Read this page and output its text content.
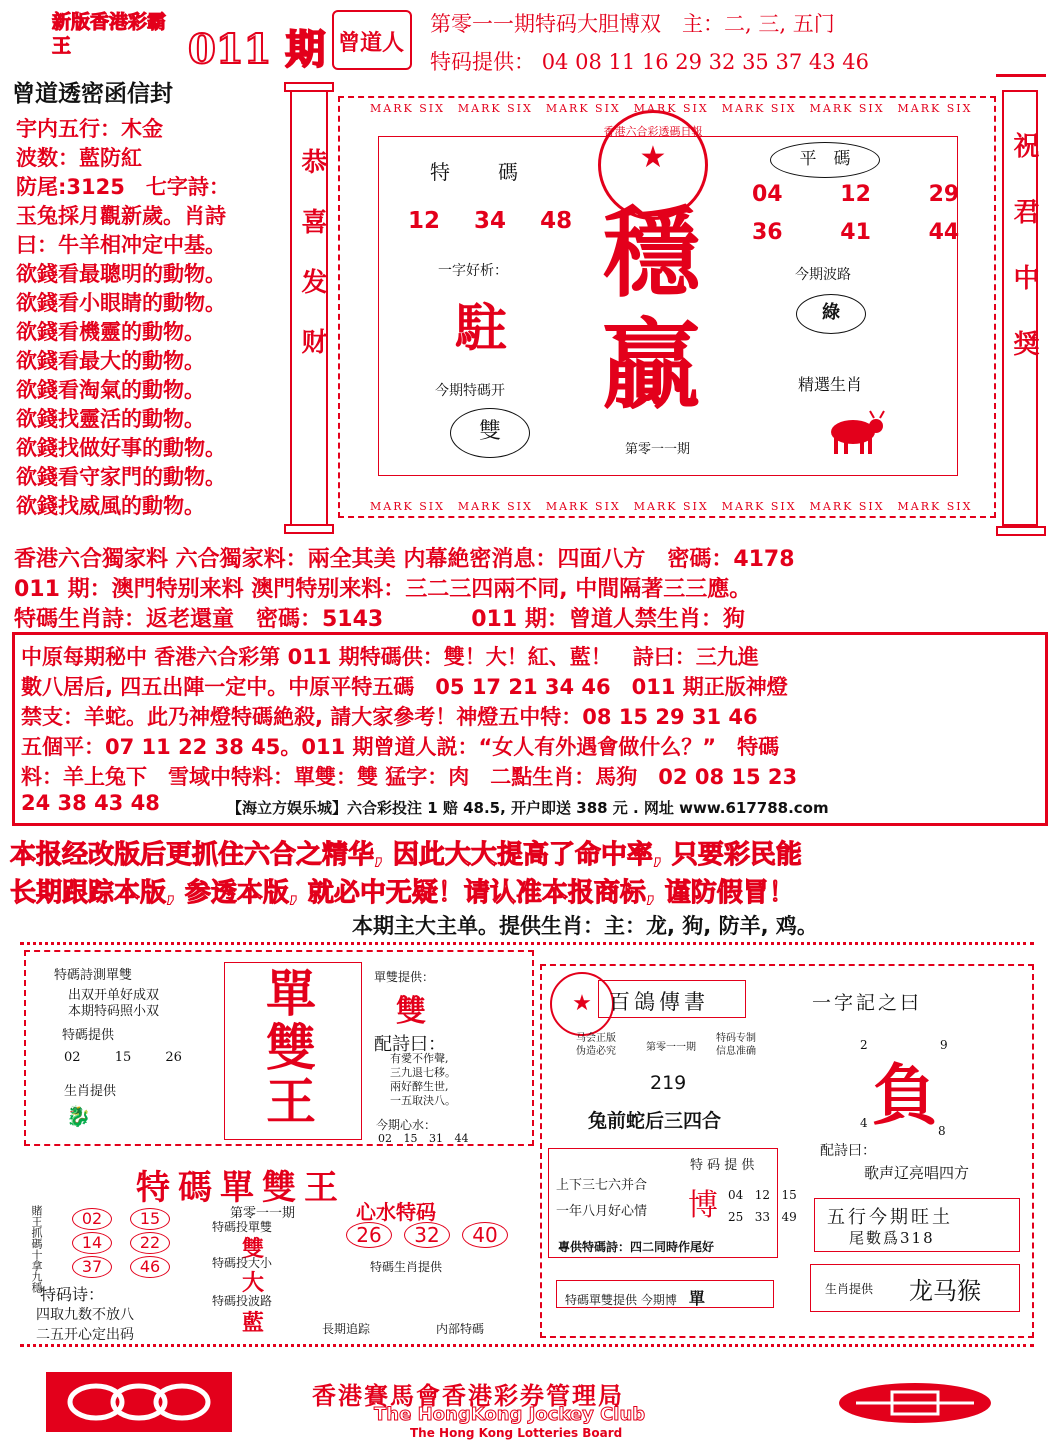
新版香港彩霸王	011 期 曾道人
第零一一期特码大胆博双　主：二, 三, 五门
特码提供： 04 08 11 16 29 32 35 37 43 46
曾道透密函信封
宇内五行：木金
波数：藍防紅
防尾:3125　七字詩：
玉兔採月觀新歲。肖詩
曰：牛羊相冲定中基。
欲錢看最聰明的動物。
欲錢看小眼睛的動物。
欲錢看機靈的動物。
欲錢看最大的動物。
欲錢看淘氣的動物。
欲錢找靈活的動物。
欲錢找做好事的動物。
欲錢看守家門的動物。
欲錢找威風的動物。
恭喜发财	祝君中奨
MARK SIX　 MARK SIX　 MARK SIX　 MARK SIX　 MARK SIX　 MARK SIX　 MARK SIX
MARK SIX　 MARK SIX　 MARK SIX　 MARK SIX　 MARK SIX　 MARK SIX　 MARK SIX
特　碼
12 34 48
一字好析：
駐
今期特碼开
雙
香港六合彩透碼日報
★
穩贏
第零一一期
平　碼
04	12	29
36	41	44
今期波路
綠
精選生肖
香港六合獨家料 六合獨家料：兩全其美 内幕絶密消息：四面八方　密碼：4178
011 期：澳門特别来料 澳門特别来料：三二三四兩不同, 中間隔著三三應。
特碼生肖詩：返老還童　密碼：5143　　　　011 期：曾道人禁生肖：狗
中原每期秘中 香港六合彩第 011 期特碼供：雙！大！紅、藍！　詩曰：三九進
數八居后, 四五出陣一定中。中原平特五碼　05 17 21 34 46　011 期正版神燈
禁支：羊蛇。此乃神燈特碼絶殺, 請大家參考！神燈五中特：08 15 29 31 46
五個平：07 11 22 38 45。011 期曾道人説：“女人有外遇會做什么？”　特碼
料：羊上兔下　雪域中特料：單雙：雙 猛字：肉　二點生肖：馬狗　02 08 15 23
24 38 43 48	【海立方娱乐城】六合彩投注 1 赔 48.5, 开户即送 388 元 . 网址 www.617788.com
本报经改版后更抓住六合之精华, 因此大大提高了命中率, 只要彩民能
长期跟踪本版, 参透本版, 就必中无疑！请认准本报商标, 谨防假冒！
本期主大主单。提供生肖：主：龙, 狗, 防羊, 鸡。
特碼詩測單雙
出双开单好成双
本期特码照小双
特碼提供
02	15	26
生肖提供
🐉
單雙王
單雙提供：
雙
配詩曰：
有愛不作聲,
三九退七移。
兩好醉生世,
一五取決八。
今期心水：
02 15 31 44
特碼單雙王
第零一一期
賭王抓碼十拿九穩	02	15
14	22
37	46
特码诗：
四取九数不放八
二五开心定出码
特碼投單雙
雙
特碼投大小
大
特碼投波路
藍
心水特码
26	32	40
特碼生肖提供
長期追踪	内部特碼
★ 百鴿傳書
马会正版
伪造必究	第零一一期
特码专制
信息准确
219
兔前蛇后三四合
上下三七六并合
一年八月好心情
特 码 提 供
博 04 12 15
25 33 49
專供特碼詩：四二同時作尾好
特碼單雙提供 今期博　 單
一字記之曰
2	9
負
4
8
配詩曰：
歌声辽亮唱四方
五行今期旺土
尾數爲318
生肖提供 龙马猴
香港賽馬會香港彩券管理局
The HongKong Jockey Club
The Hong Kong Lotteries Board
